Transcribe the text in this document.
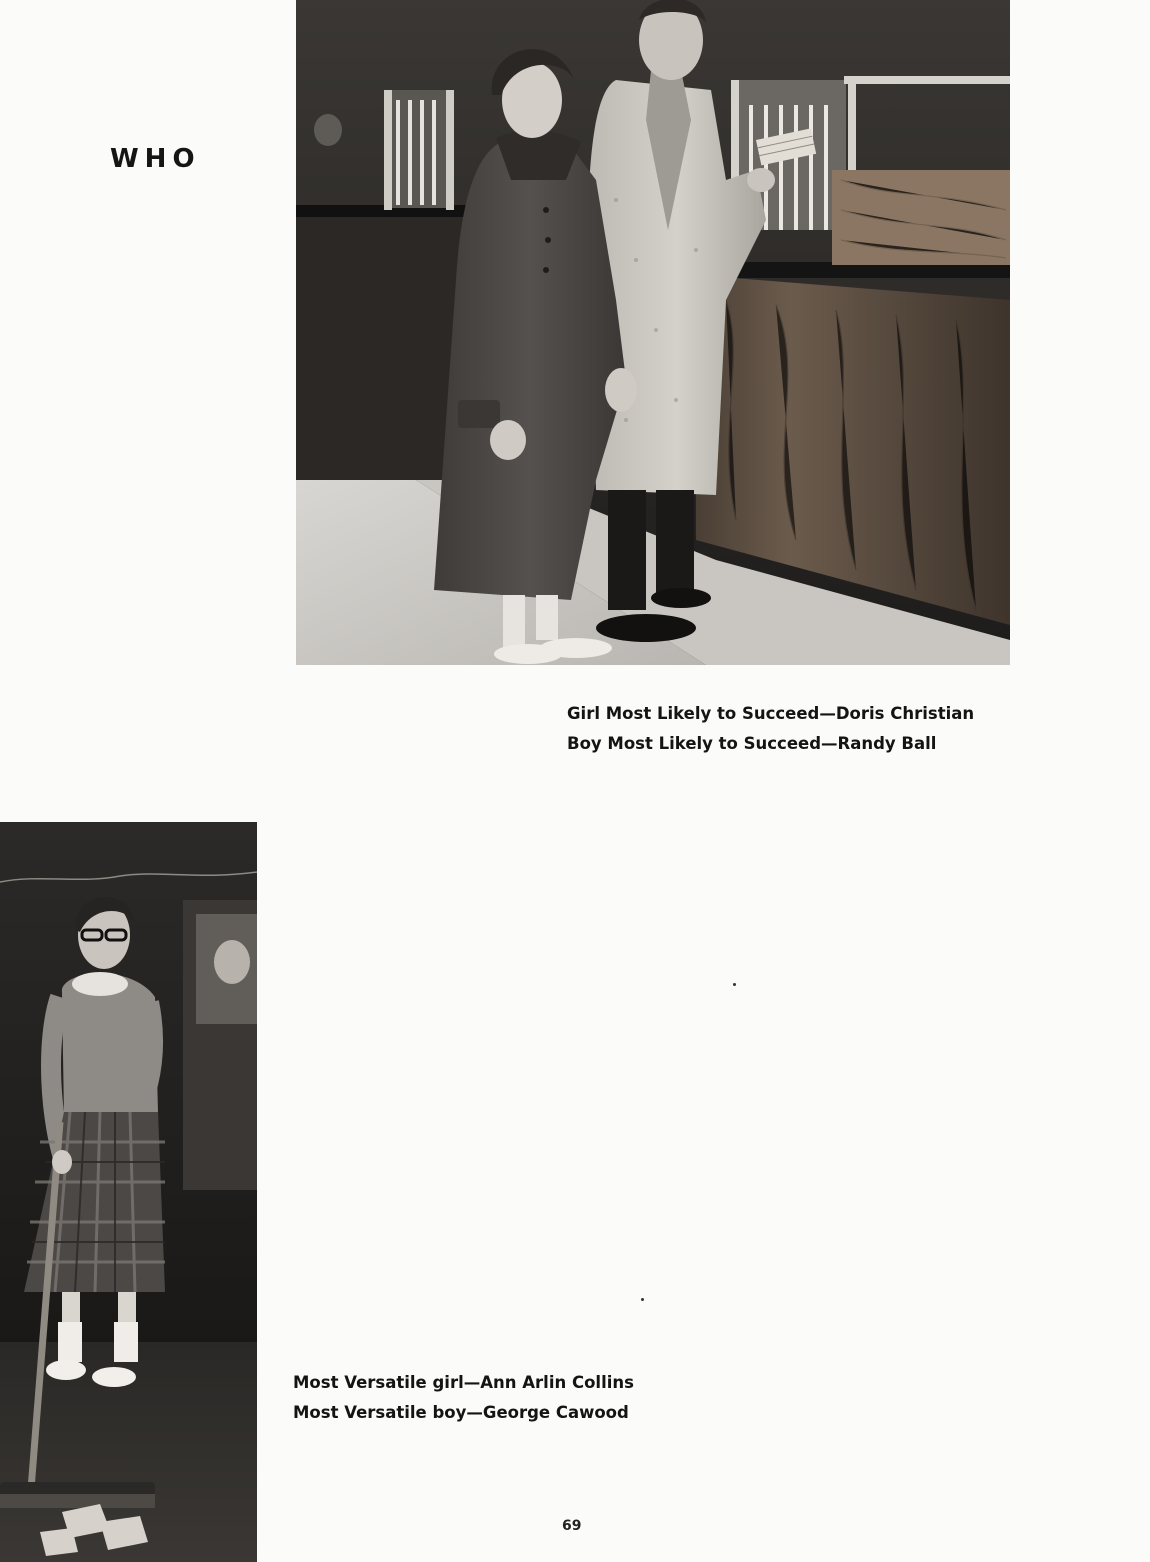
WHO
Girl Most Likely to Succeed—Doris Christian
Boy Most Likely to Succeed—Randy Ball
Most Versatile girl—Ann Arlin Collins
Most Versatile boy—George Cawood
69
